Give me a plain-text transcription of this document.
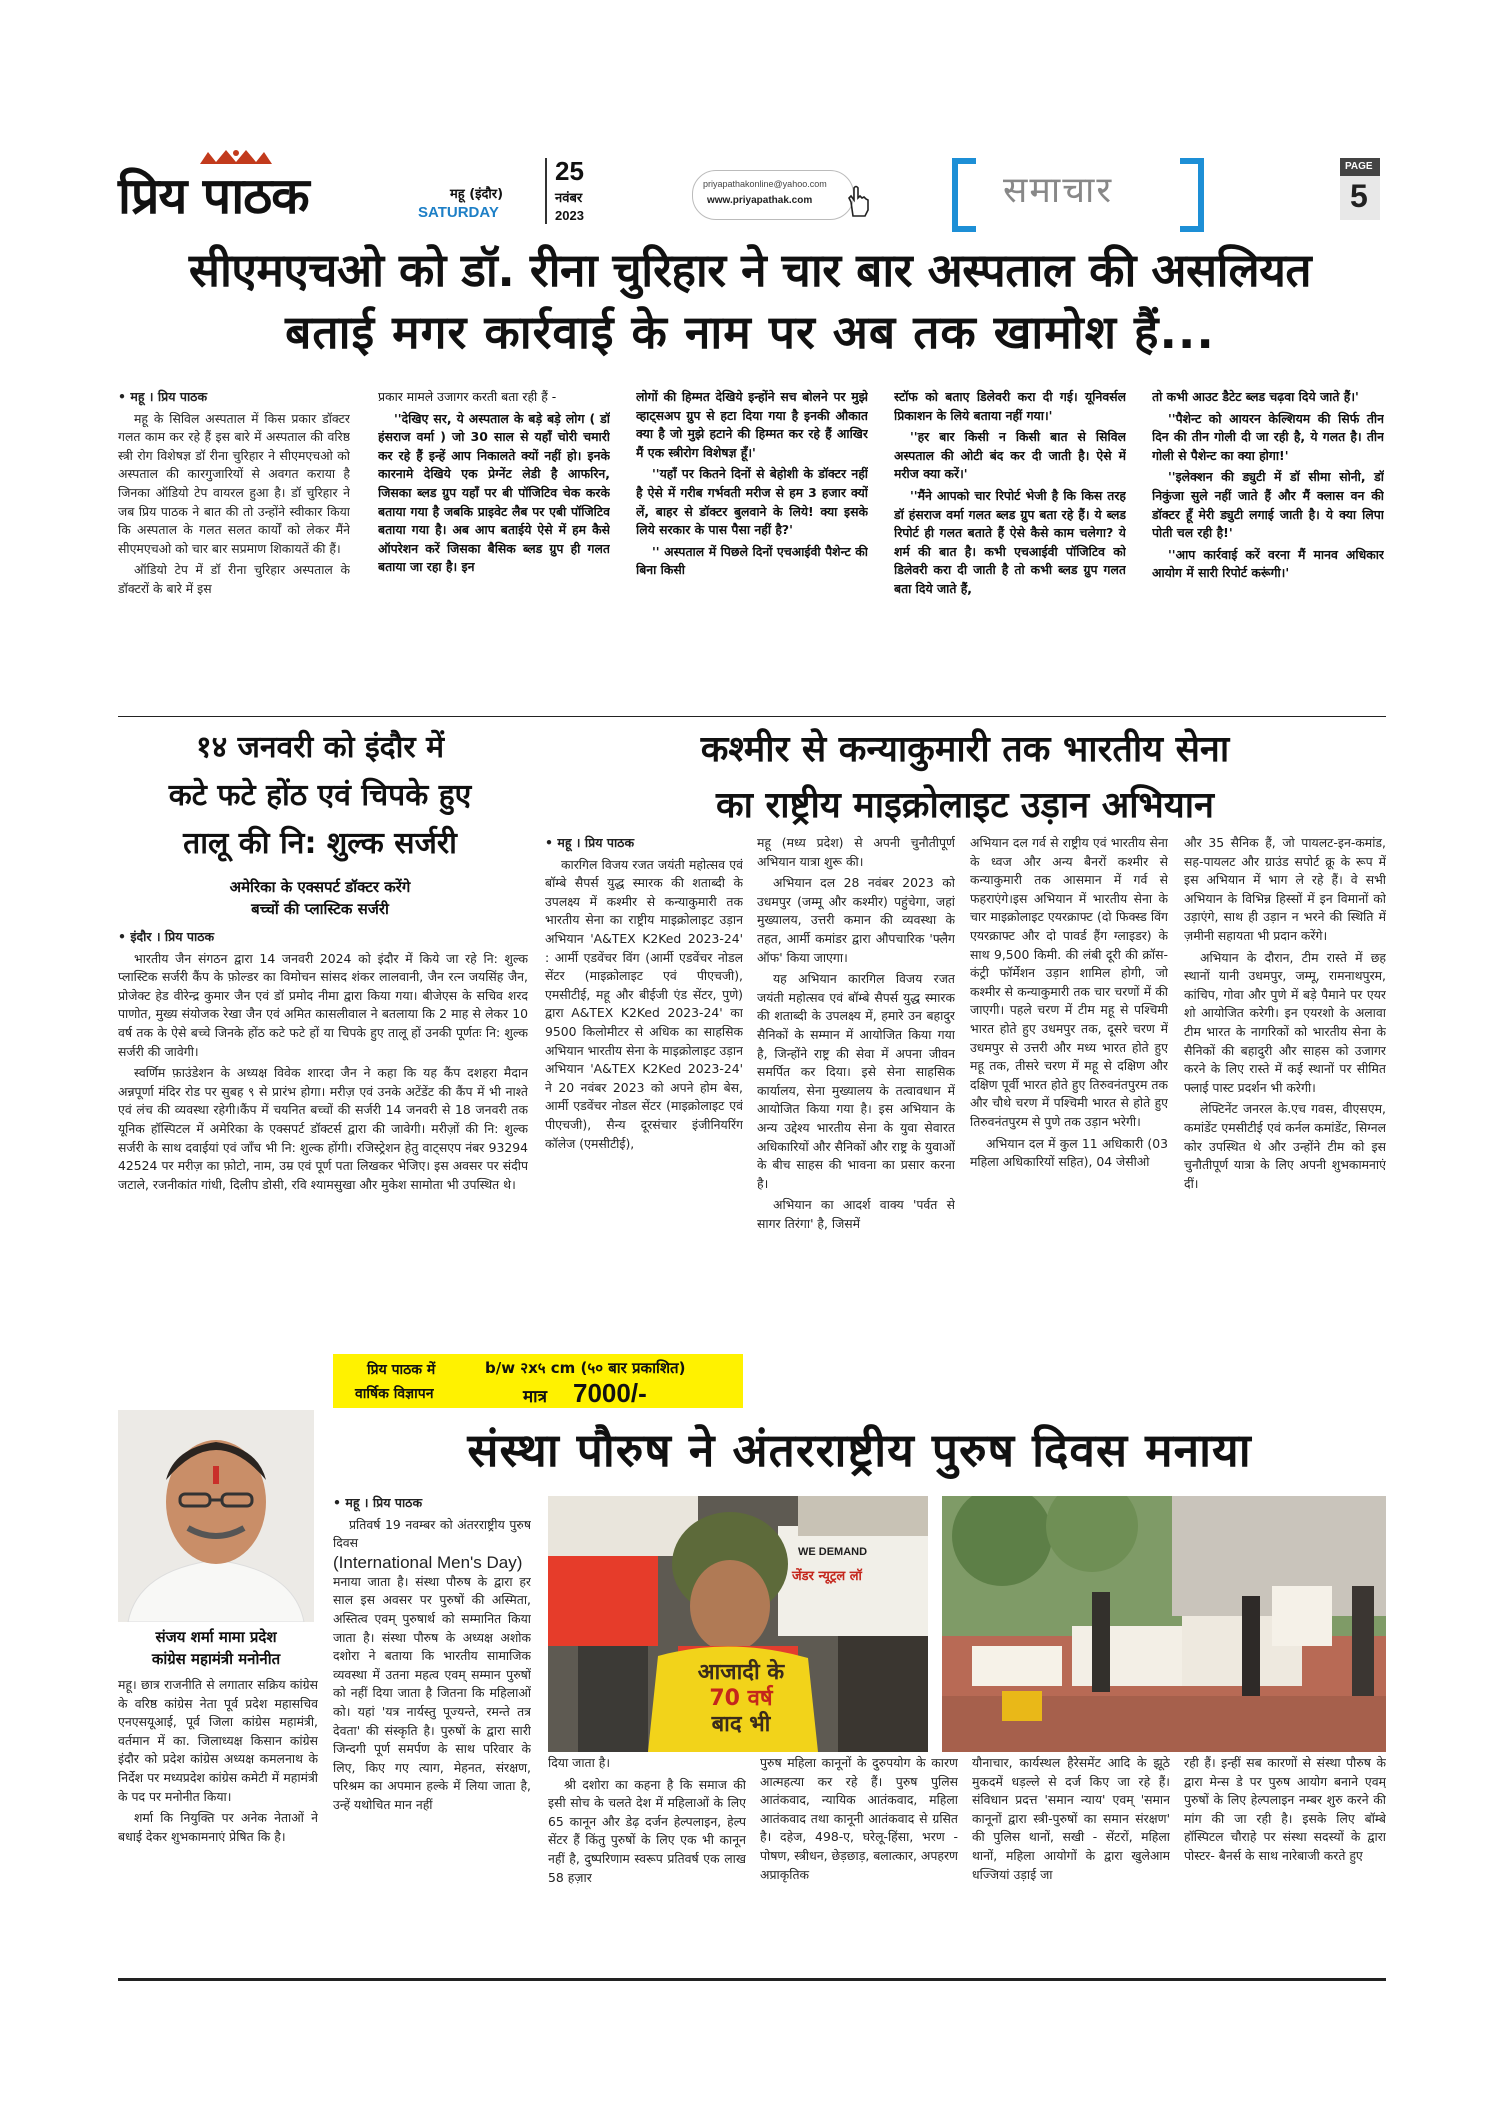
प्रिय पाठक	महू (इंदौर)
SATURDAY
25
नवंबर
2023
priyapathakonline@yahoo.com
www.priyapathak.com	समाचार
PAGE
5
सीएमएचओ को डॉ. रीना चुरिहार ने चार बार अस्पताल की असलियत
बताई मगर कार्रवाई के नाम पर अब तक खामोश हैं...

• महू । प्रिय पाठक

महू के सिविल अस्पताल में किस प्रकार डॉक्टर गलत काम कर रहे हैं इस बारे में अस्पताल की वरिष्ठ स्त्री रोग विशेषज्ञ डॉ रीना चुरिहार ने सीएमएचओ को अस्पताल की कारगुजारियों से अवगत कराया है जिनका ऑडियो टेप वायरल हुआ है। डॉ चुरिहार ने जब प्रिय पाठक ने बात की तो उन्होंने स्वीकार किया कि अस्पताल के गलत सलत कार्यों को लेकर मैंने सीएमएचओ को चार बार सप्रमाण शिकायतें की हैं।

ऑडियो टेप में डॉ रीना चुरिहार अस्पताल के डॉक्टरों के बारे में इस

प्रकार मामले उजागर करती बता रही हैं -

''देखिए सर, ये अस्पताल के बड़े बड़े लोग ( डॉ हंसराज वर्मा ) जो 30 साल से यहाँ चोरी चमारी कर रहे हैं इन्हें आप निकालते क्यों नहीं हो। इनके कारनामे देखिये एक प्रेग्नेंट लेडी है आफरिन, जिसका ब्लड ग्रुप यहाँ पर बी पॉजिटिव चेक करके बताया गया है जबकि प्राइवेट लैब पर एबी पॉजिटिव बताया गया है। अब आप बताईये ऐसे में हम कैसे ऑपरेशन करें जिसका बैसिक ब्लड ग्रुप ही गलत बताया जा रहा है। इन

लोगों की हिम्मत देखिये इन्होंने सच बोलने पर मुझे व्हाट्सअप ग्रुप से हटा दिया गया है इनकी औकात क्या है जो मुझे हटाने की हिम्मत कर रहे हैं आखिर मैं एक स्त्रीरोग विशेषज्ञ हूँ।'

''यहाँ पर कितने दिनों से बेहोशी के डॉक्टर नहीं है ऐसे में गरीब गर्भवती मरीज से हम 3 हजार क्यों लें, बाहर से डॉक्टर बुलवाने के लिये! क्या इसके लिये सरकार के पास पैसा नहीं है?'

'' अस्पताल में पिछले दिनों एचआईवी पैशेन्ट की बिना किसी

स्टॉफ को बताए डिलेवरी करा दी गई। यूनिवर्सल प्रिकाशन के लिये बताया नहीं गया।'

''हर बार किसी न किसी बात से सिविल अस्पताल की ओटी बंद कर दी जाती है। ऐसे में मरीज क्या करें।'

''मैंने आपको चार रिपोर्ट भेजी है कि किस तरह डॉ हंसराज वर्मा गलत ब्लड ग्रुप बता रहे हैं। ये ब्लड रिपोर्ट ही गलत बताते हैं ऐसे कैसे काम चलेगा? ये शर्म की बात है। कभी एचआईवी पॉजिटिव को डिलेवरी करा दी जाती है तो कभी ब्लड ग्रुप गलत बता दिये जाते हैं,

तो कभी आउट डैटेट ब्लड चढ़वा दिये जाते हैं।'

''पैशेन्ट को आयरन केल्शियम की सिर्फ तीन दिन की तीन गोली दी जा रही है, ये गलत है। तीन गोली से पैशेन्ट का क्या होगा!'

''इलेक्शन की ड्युटी में डॉ सीमा सोनी, डॉ निकुंजा सुले नहीं जाते हैं और मैं क्लास वन की डॉक्टर हूँ मेरी ड्युटी लगाई जाती है। ये क्या लिपा पोती चल रही है!'

''आप कार्रवाई करें वरना मैं मानव अधिकार आयोग में सारी रिपोर्ट करूंगी।'

१४ जनवरी को इंदौर में
कटे फटे होंठ एवं चिपके हुए
तालू की नि: शुल्क सर्जरी
अमेरिका के एक्सपर्ट डॉक्टर करेंगे
बच्चों की प्लास्टिक सर्जरी

• इंदौर । प्रिय पाठक

भारतीय जैन संगठन द्वारा 14 जनवरी 2024 को इंदौर में किये जा रहे नि: शुल्क प्लास्टिक सर्जरी कैंप के फ़ोल्डर का विमोचन सांसद शंकर लालवानी, जैन रत्न जयसिंह जैन, प्रोजेक्ट हेड वीरेन्द्र कुमार जैन एवं डॉ प्रमोद नीमा द्वारा किया गया। बीजेएस के सचिव शरद पाणोत, मुख्य संयोजक रेखा जैन एवं अमित कासलीवाल ने बतलाया कि 2 माह से लेकर 10 वर्ष तक के ऐसे बच्चे जिनके होंठ कटे फटे हों या चिपके हुए तालू हों उनकी पूर्णतः नि: शुल्क सर्जरी की जावेगी।

स्वर्णिम फ़ाउंडेशन के अध्यक्ष विवेक शारदा जैन ने कहा कि यह कैंप दशहरा मैदान अन्नपूर्णा मंदिर रोड पर सुबह ९ से प्रारंभ होगा। मरीज़ एवं उनके अटेंडेंट की कैंप में भी नाश्ते एवं लंच की व्यवस्था रहेगी।कैंप में चयनित बच्चों की सर्जरी 14 जनवरी से 18 जनवरी तक यूनिक हॉस्पिटल में अमेरिका के एक्सपर्ट डॉक्टर्स द्वारा की जावेगी। मरीज़ों की नि: शुल्क सर्जरी के साथ दवाईयां एवं जाँच भी नि: शुल्क होंगी। रजिस्ट्रेशन हेतु वाट्सएप नंबर 93294 42524 पर मरीज़ का फ़ोटो, नाम, उम्र एवं पूर्ण पता लिखकर भेजिए। इस अवसर पर संदीप जटाले, रजनीकांत गांधी, दिलीप डोसी, रवि श्यामसुखा और मुकेश सामोता भी उपस्थित थे।

कश्मीर से कन्याकुमारी तक भारतीय सेना
का राष्ट्रीय माइक्रोलाइट उड़ान अभियान

• महू । प्रिय पाठक

कारगिल विजय रजत जयंती महोत्सव एवं बॉम्बे सैपर्स युद्ध स्मारक की शताब्दी के उपलक्ष्य में कश्मीर से कन्याकुमारी तक भारतीय सेना का राष्ट्रीय माइक्रोलाइट उड़ान अभियान 'A&TEX K2Ked 2023-24' : आर्मी एडवेंचर विंग (आर्मी एडवेंचर नोडल सेंटर (माइक्रोलाइट एवं पीएचजी), एमसीटीई, महू और बीईजी एंड सेंटर, पुणे) द्वारा A&TEX K2Ked 2023-24' का 9500 किलोमीटर से अधिक का साहसिक अभियान भारतीय सेना के माइक्रोलाइट उड़ान अभियान 'A&TEX K2Ked 2023-24' ने 20 नवंबर 2023 को अपने होम बेस, आर्मी एडवेंचर नोडल सेंटर (माइक्रोलाइट एवं पीएचजी), सैन्य दूरसंचार इंजीनियरिंग कॉलेज (एमसीटीई),

महू (मध्य प्रदेश) से अपनी चुनौतीपूर्ण अभियान यात्रा शुरू की।

अभियान दल 28 नवंबर 2023 को उधमपुर (जम्मू और कश्मीर) पहुंचेगा, जहां मुख्यालय, उत्तरी कमान की व्यवस्था के तहत, आर्मी कमांडर द्वारा औपचारिक 'फ्लैग ऑफ' किया जाएगा।

यह अभियान कारगिल विजय रजत जयंती महोत्सव एवं बॉम्बे सैपर्स युद्ध स्मारक की शताब्दी के उपलक्ष्य में, हमारे उन बहादुर सैनिकों के सम्मान में आयोजित किया गया है, जिन्होंने राष्ट्र की सेवा में अपना जीवन समर्पित कर दिया। इसे सेना साहसिक कार्यालय, सेना मुख्यालय के तत्वावधान में आयोजित किया गया है। इस अभियान के अन्य उद्देश्य भारतीय सेना के युवा सेवारत अधिकारियों और सैनिकों और राष्ट्र के युवाओं के बीच साहस की भावना का प्रसार करना है।

अभियान का आदर्श वाक्य 'पर्वत से सागर तिरंगा' है, जिसमें

अभियान दल गर्व से राष्ट्रीय एवं भारतीय सेना के ध्वज और अन्य बैनरों कश्मीर से कन्याकुमारी तक आसमान में गर्व से फहराएंगे।इस अभियान में भारतीय सेना के चार माइक्रोलाइट एयरक्राफ्ट (दो फिक्स्ड विंग एयरक्राफ्ट और दो पावर्ड हैंग ग्लाइडर) के साथ 9,500 किमी. की लंबी दूरी की क्रॉस-कंट्री फॉर्मेशन उड़ान शामिल होगी, जो कश्मीर से कन्याकुमारी तक चार चरणों में की जाएगी। पहले चरण में टीम महू से पश्चिमी भारत होते हुए उधमपुर तक, दूसरे चरण में उधमपुर से उत्तरी और मध्य भारत होते हुए महू तक, तीसरे चरण में महू से दक्षिण और दक्षिण पूर्वी भारत होते हुए तिरुवनंतपुरम तक और चौथे चरण में पश्चिमी भारत से होते हुए तिरुवनंतपुरम से पुणे तक उड़ान भरेगी।

अभियान दल में कुल 11 अधिकारी (03 महिला अधिकारियों सहित), 04 जेसीओ

और 35 सैनिक हैं, जो पायलट-इन-कमांड, सह-पायलट और ग्राउंड सपोर्ट क्रू के रूप में इस अभियान में भाग ले रहे हैं। वे सभी अभियान के विभिन्न हिस्सों में इन विमानों को उड़ाएंगे, साथ ही उड़ान न भरने की स्थिति में ज़मीनी सहायता भी प्रदान करेंगे।

अभियान के दौरान, टीम रास्ते में छह स्थानों यानी उधमपुर, जम्मू, रामनाथपुरम, कांचिप, गोवा और पुणे में बड़े पैमाने पर एयर शो आयोजित करेगी। इन एयरशो के अलावा टीम भारत के नागरिकों को भारतीय सेना के सैनिकों की बहादुरी और साहस को उजागर करने के लिए रास्ते में कई स्थानों पर सीमित फ्लाई पास्ट प्रदर्शन भी करेगी।

लेफ्टिनेंट जनरल के.एच गवस, वीएसएम, कमांडेंट एमसीटीई एवं कर्नल कमांडेंट, सिग्नल कोर उपस्थित थे और उन्होंने टीम को इस चुनौतीपूर्ण यात्रा के लिए अपनी शुभकामनाएं दीं।

प्रिय पाठक में
वार्षिक विज्ञापन
b/w २x५ cm (५० बार प्रकाशित)
मात्र 7000/-
संजय शर्मा मामा प्रदेश
कांग्रेस महामंत्री मनोनीत

महू। छात्र राजनीति से लगातार सक्रिय कांग्रेस के वरिष्ठ कांग्रेस नेता पूर्व प्रदेश महासचिव एनएसयूआई, पूर्व जिला कांग्रेस महामंत्री, वर्तमान में का. जिलाध्यक्ष किसान कांग्रेस इंदौर को प्रदेश कांग्रेस अध्यक्ष कमलनाथ के निर्देश पर मध्यप्रदेश कांग्रेस कमेटी में महामंत्री के पद पर मनोनीत किया।

शर्मा कि नियुक्ति पर अनेक नेताओं ने बधाई देकर शुभकामनाएं प्रेषित कि है।

संस्था पौरुष ने अंतरराष्ट्रीय पुरुष दिवस मनाया

• महू । प्रिय पाठक

प्रतिवर्ष 19 नवम्बर को अंतरराष्ट्रीय पुरुष दिवस

(International Men's Day)

मनाया जाता है। संस्था पौरुष के द्वारा हर साल इस अवसर पर पुरुषों की अस्मिता, अस्तित्व एवम् पुरुषार्थ को सम्मानित किया जाता है। संस्था पौरुष के अध्यक्ष अशोक दशोरा ने बताया कि भारतीय सामाजिक व्यवस्था में उतना महत्व एवम् सम्मान पुरुषों को नहीं दिया जाता है जितना कि महिलाओं को। यहां 'यत्र नार्यस्तु पूज्यन्ते, रमन्ते तत्र देवता' की संस्कृति है। पुरुषों के द्वारा सारी जिन्दगी पूर्ण समर्पण के साथ परिवार के लिए, किए गए त्याग, मेहनत, संरक्षण, परिश्रम का अपमान हल्के में लिया जाता है, उन्हें यथोचित मान नहीं

WE DEMAND
जेंडर न्यूट्रल लॉ
आजादी के
70 वर्ष
बाद भी

दिया जाता है।

श्री दशोरा का कहना है कि समाज की इसी सोच के चलते देश में महिलाओं के लिए 65 कानून और डेढ़ दर्जन हेल्पलाइन, हेल्प सेंटर हैं किंतु पुरुषों के लिए एक भी कानून नहीं है, दुष्परिणाम स्वरूप प्रतिवर्ष एक लाख 58 हज़ार

पुरुष महिला कानूनों के दुरुपयोग के कारण आत्महत्या कर रहे हैं। पुरुष पुलिस आतंकवाद, न्यायिक आतंकवाद, महिला आतंकवाद तथा कानूनी आतंकवाद से ग्रसित है। दहेज, 498-ए, घरेलू-हिंसा, भरण - पोषण, स्त्रीधन, छेड़छाड़, बलात्कार, अपहरण अप्राकृतिक

यौनाचार, कार्यस्थल हैरेसमेंट आदि के झूठे मुकदमें धड़ल्ले से दर्ज किए जा रहे हैं। संविधान प्रदत्त 'समान न्याय' एवम् 'समान कानूनों द्वारा स्त्री-पुरुषों का समान संरक्षण' की पुलिस थानों, सखी - सेंटरों, महिला थानों, महिला आयोगों के द्वारा खुलेआम धज्जियां उड़ाई जा

रही हैं। इन्हीं सब कारणों से संस्था पौरुष के द्वारा मेन्स डे पर पुरुष आयोग बनाने एवम् पुरुषों के लिए हेल्पलाइन नम्बर शुरु करने की मांग की जा रही है। इसके लिए बॉम्बे हॉस्पिटल चौराहे पर संस्था सदस्यों के द्वारा पोस्टर- बैनर्स के साथ नारेबाजी करते हुए
